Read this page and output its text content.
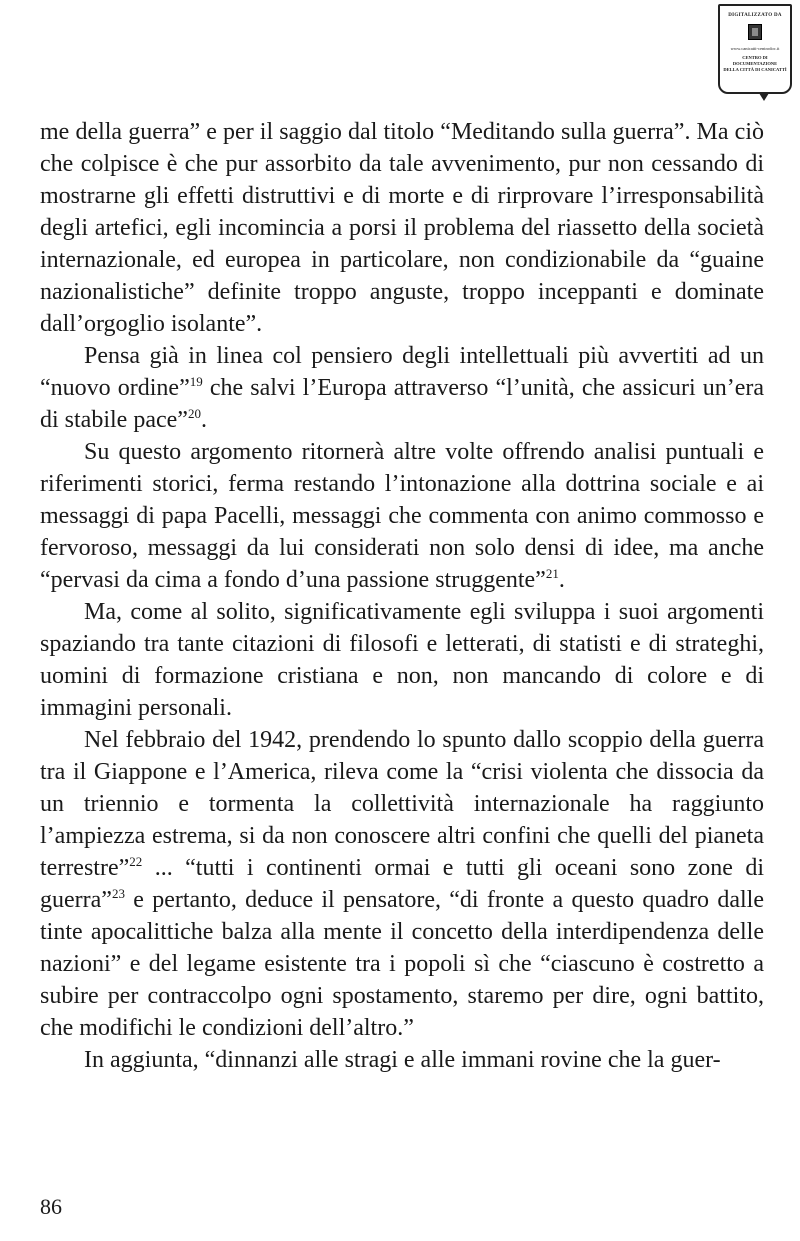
DIGITALIZZATO DA
www.canicatti-centrodoc.it
CENTRO DI DOCUMENTAZIONE
DELLA CITTÀ DI CANICATTÌ

me della guerra” e per il saggio dal titolo “Meditando sulla guerra”. Ma ciò che colpisce è che pur assorbito da tale avvenimento, pur non cessando di mostrarne gli effetti distruttivi e di morte e di rirprovare l’irresponsabilità degli artefici, egli incomincia a porsi il problema del riassetto della società internazionale, ed europea in particolare, non condizionabile da “guaine nazionalistiche” definite troppo anguste, troppo inceppanti e dominate dall’orgoglio isolante”.

Pensa già in linea col pensiero degli intellettuali più avvertiti ad un “nuovo ordine”$^{19}$ che salvi l’Europa attraverso “l’unità, che assicuri un’era di stabile pace”$^{20}$.

Su questo argomento ritornerà altre volte offrendo analisi puntuali e riferimenti storici, ferma restando l’intonazione alla dottrina sociale e ai messaggi di papa Pacelli, messaggi che commenta con animo commosso e fervoroso, messaggi da lui considerati non solo densi di idee, ma anche “pervasi da cima a fondo d’una passione struggente”$^{21}$.

Ma, come al solito, significativamente egli sviluppa i suoi argomenti spaziando tra tante citazioni di filosofi e letterati, di statisti e di strateghi, uomini di formazione cristiana e non, non mancando di colore e di immagini personali.

Nel febbraio del 1942, prendendo lo spunto dallo scoppio della guerra tra il Giappone e l’America, rileva come la “crisi violenta che dissocia da un triennio e tormenta la collettività internazionale ha raggiunto l’ampiezza estrema, si da non conoscere altri confini che quelli del pianeta terrestre”$^{22}$ ... “tutti i continenti ormai e tutti gli oceani sono zone di guerra”$^{23}$ e pertanto, deduce il pensatore, “di fronte a questo quadro dalle tinte apocalittiche balza alla mente il concetto della interdipendenza delle nazioni” e del legame esistente tra i popoli sì che “ciascuno è costretto a subire per contraccolpo ogni spostamento, staremo per dire, ogni battito, che modifichi le condizioni dell’altro.”

In aggiunta, “dinnanzi alle stragi e alle immani rovine che la guer-

86
